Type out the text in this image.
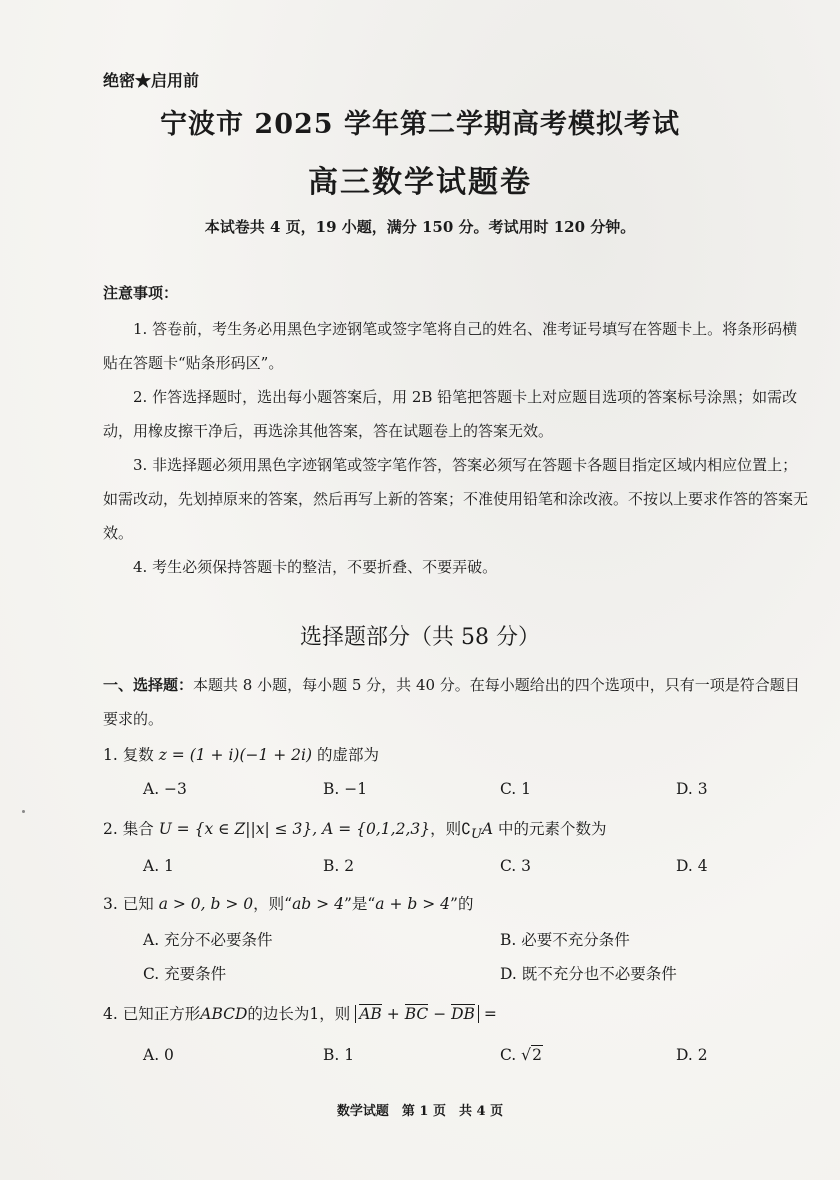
绝密★启用前
宁波市 2025 学年第二学期高考模拟考试
高三数学试题卷
本试卷共 4 页，19 小题，满分 150 分。考试用时 120 分钟。
注意事项：
1. 答卷前，考生务必用黑色字迹钢笔或签字笔将自己的姓名、准考证号填写在答题卡上。将条形码横贴在答题卡“贴条形码区”。
2. 作答选择题时，选出每小题答案后，用 2B 铅笔把答题卡上对应题目选项的答案标号涂黑；如需改动，用橡皮擦干净后，再选涂其他答案，答在试题卷上的答案无效。
3. 非选择题必须用黑色字迹钢笔或签字笔作答，答案必须写在答题卡各题目指定区域内相应位置上；如需改动，先划掉原来的答案，然后再写上新的答案；不准使用铅笔和涂改液。不按以上要求作答的答案无效。
4. 考生必须保持答题卡的整洁，不要折叠、不要弄破。
选择题部分（共 58 分）
一、选择题：本题共 8 小题，每小题 5 分，共 40 分。在每小题给出的四个选项中，只有一项是符合题目要求的。
1. 复数 z = (1 + i)(−1 + 2i) 的虚部为
A. −3	B. −1	C. 1	D. 3
2. 集合 U = {x ∈ Z||x| ≤ 3}, A = {0,1,2,3}，则$∁_UA$ 中的元素个数为
A. 1	B. 2	C. 3	D. 4
3. 已知 a > 0, b > 0，则“ab > 4”是“a + b > 4”的
A. 充分不必要条件	B. 必要不充分条件
C. 充要条件	D. 既不充分也不必要条件
4. 已知正方形ABCD的边长为1，则 AB + BC − DB =
A. 0	B. 1	C. √2	D. 2
数学试题　第 1 页　共 4 页
